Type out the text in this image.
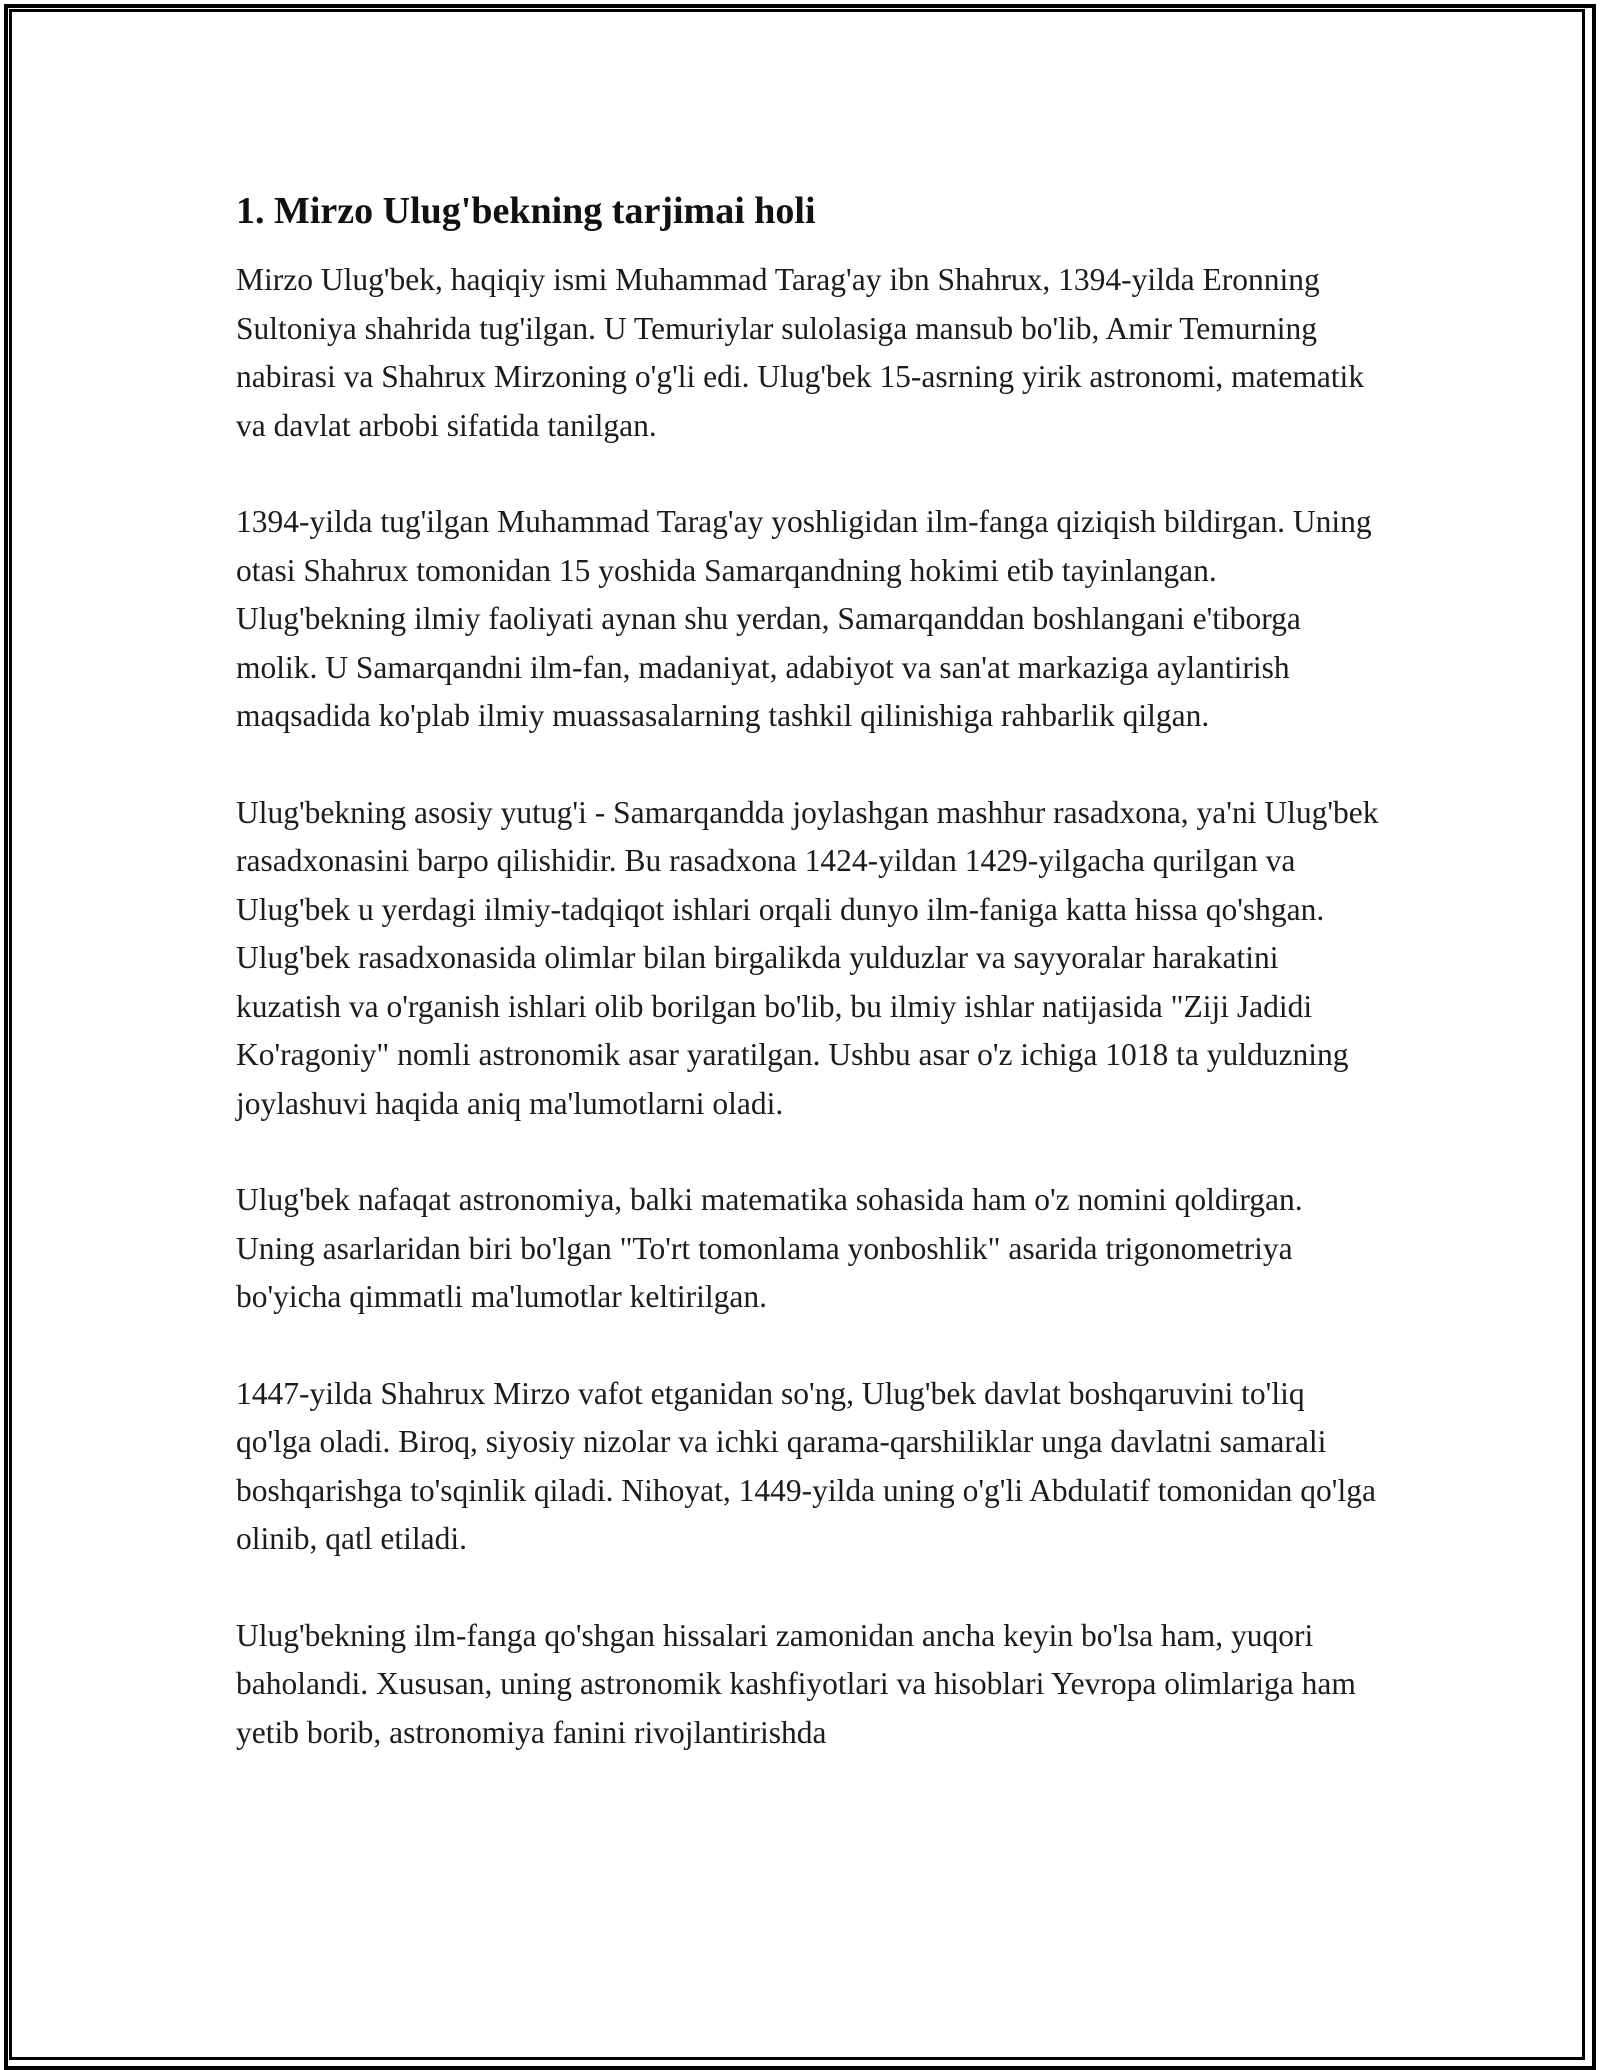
1. Mirzo Ulug'bekning tarjimai holi

Mirzo Ulug'bek, haqiqiy ismi Muhammad Tarag'ay ibn Shahrux, 1394-yilda Eronning Sultoniya shahrida tug'ilgan. U Temuriylar sulolasiga mansub bo'lib, Amir Temurning nabirasi va Shahrux Mirzoning o'g'li edi. Ulug'bek 15-asrning yirik astronomi, matematik va davlat arbobi sifatida tanilgan.

1394-yilda tug'ilgan Muhammad Tarag'ay yoshligidan ilm-fanga qiziqish bildirgan. Uning otasi Shahrux tomonidan 15 yoshida Samarqandning hokimi etib tayinlangan. Ulug'bekning ilmiy faoliyati aynan shu yerdan, Samarqanddan boshlangani e'tiborga molik. U Samarqandni ilm-fan, madaniyat, adabiyot va san'at markaziga aylantirish maqsadida ko'plab ilmiy muassasalarning tashkil qilinishiga rahbarlik qilgan.

Ulug'bekning asosiy yutug'i - Samarqandda joylashgan mashhur rasadxona, ya'ni Ulug'bek rasadxonasini barpo qilishidir. Bu rasadxona 1424-yildan 1429-yilgacha qurilgan va Ulug'bek u yerdagi ilmiy-tadqiqot ishlari orqali dunyo ilm-faniga katta hissa qo'shgan. Ulug'bek rasadxonasida olimlar bilan birgalikda yulduzlar va sayyoralar harakatini kuzatish va o'rganish ishlari olib borilgan bo'lib, bu ilmiy ishlar natijasida "Ziji Jadidi Ko'ragoniy" nomli astronomik asar yaratilgan. Ushbu asar o'z ichiga 1018 ta yulduzning joylashuvi haqida aniq ma'lumotlarni oladi.

Ulug'bek nafaqat astronomiya, balki matematika sohasida ham o'z nomini qoldirgan. Uning asarlaridan biri bo'lgan "To'rt tomonlama yonboshlik" asarida trigonometriya bo'yicha qimmatli ma'lumotlar keltirilgan.

1447-yilda Shahrux Mirzo vafot etganidan so'ng, Ulug'bek davlat boshqaruvini to'liq qo'lga oladi. Biroq, siyosiy nizolar va ichki qarama-qarshiliklar unga davlatni samarali boshqarishga to'sqinlik qiladi. Nihoyat, 1449-yilda uning o'g'li Abdulatif tomonidan qo'lga olinib, qatl etiladi.

Ulug'bekning ilm-fanga qo'shgan hissalari zamonidan ancha keyin bo'lsa ham, yuqori baholandi. Xususan, uning astronomik kashfiyotlari va hisoblari Yevropa olimlariga ham yetib borib, astronomiya fanini rivojlantirishda
